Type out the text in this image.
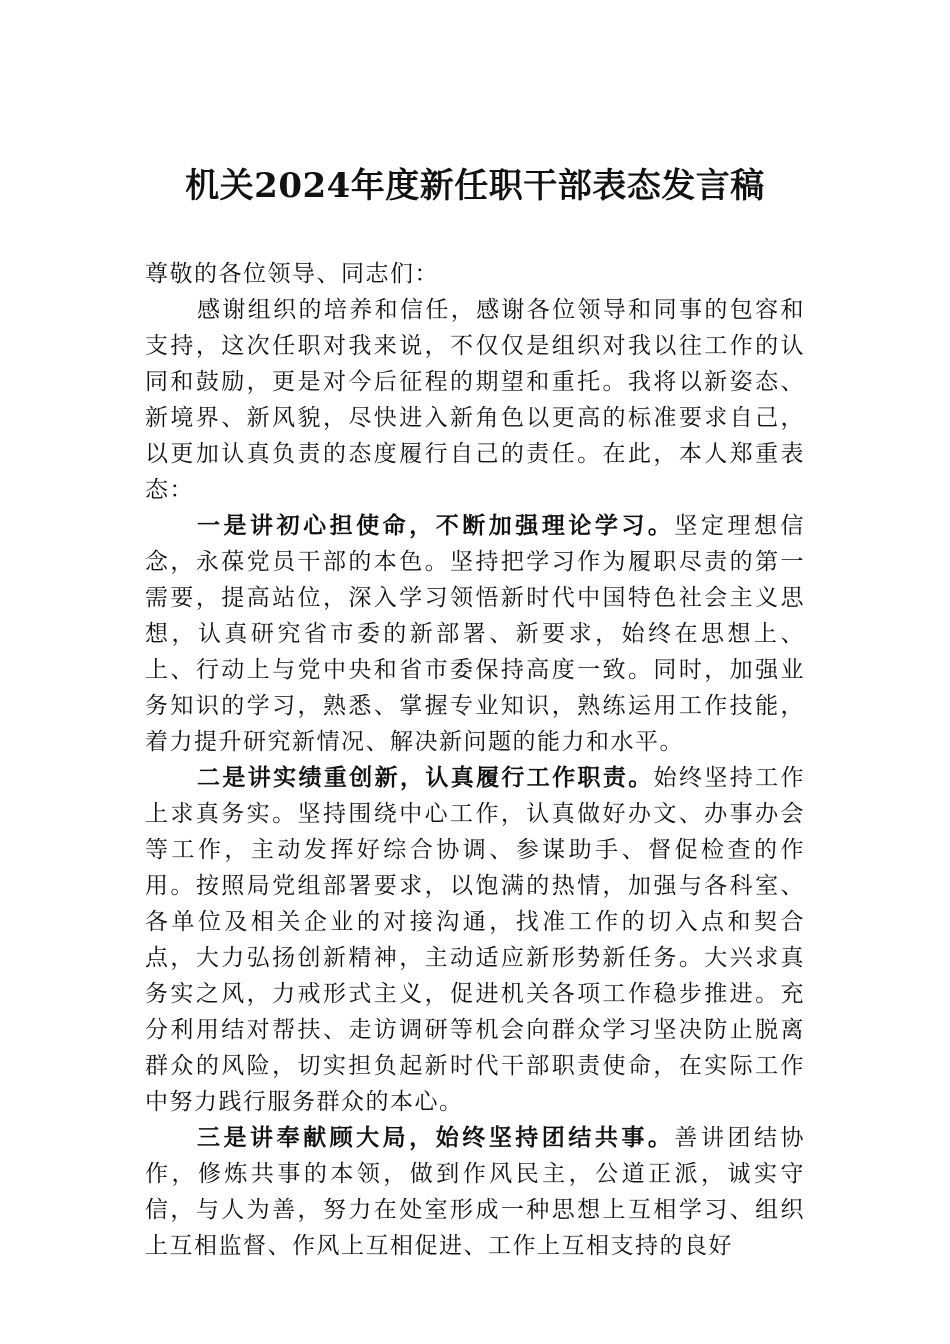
机关2024年度新任职干部表态发言稿

尊敬的各位领导、同志们：

感谢组织的培养和信任，感谢各位领导和同事的包容和支持，这次任职对我来说，不仅仅是组织对我以往工作的认同和鼓励，更是对今后征程的期望和重托。我将以新姿态、新境界、新风貌，尽快进入新角色以更高的标准要求自己，以更加认真负责的态度履行自己的责任。在此，本人郑重表态：

一是讲初心担使命，不断加强理论学习。坚定理想信念，永葆党员干部的本色。坚持把学习作为履职尽责的第一需要，提高站位，深入学习领悟新时代中国特色社会主义思想，认真研究省市委的新部署、新要求，始终在思想上、上、行动上与党中央和省市委保持高度一致。同时，加强业务知识的学习，熟悉、掌握专业知识，熟练运用工作技能，着力提升研究新情况、解决新问题的能力和水平。

二是讲实绩重创新，认真履行工作职责。始终坚持工作上求真务实。坚持围绕中心工作，认真做好办文、办事办会等工作，主动发挥好综合协调、参谋助手、督促检查的作用。按照局党组部署要求，以饱满的热情，加强与各科室、各单位及相关企业的对接沟通，找准工作的切入点和契合点，大力弘扬创新精神，主动适应新形势新任务。大兴求真务实之风，力戒形式主义，促进机关各项工作稳步推进。充分利用结对帮扶、走访调研等机会向群众学习坚决防止脱离群众的风险，切实担负起新时代干部职责使命，在实际工作中努力践行服务群众的本心。

三是讲奉献顾大局，始终坚持团结共事。善讲团结协作，修炼共事的本领，做到作风民主，公道正派，诚实守信，与人为善，努力在处室形成一种思想上互相学习、组织上互相监督、作风上互相促进、工作上互相支持的良好
